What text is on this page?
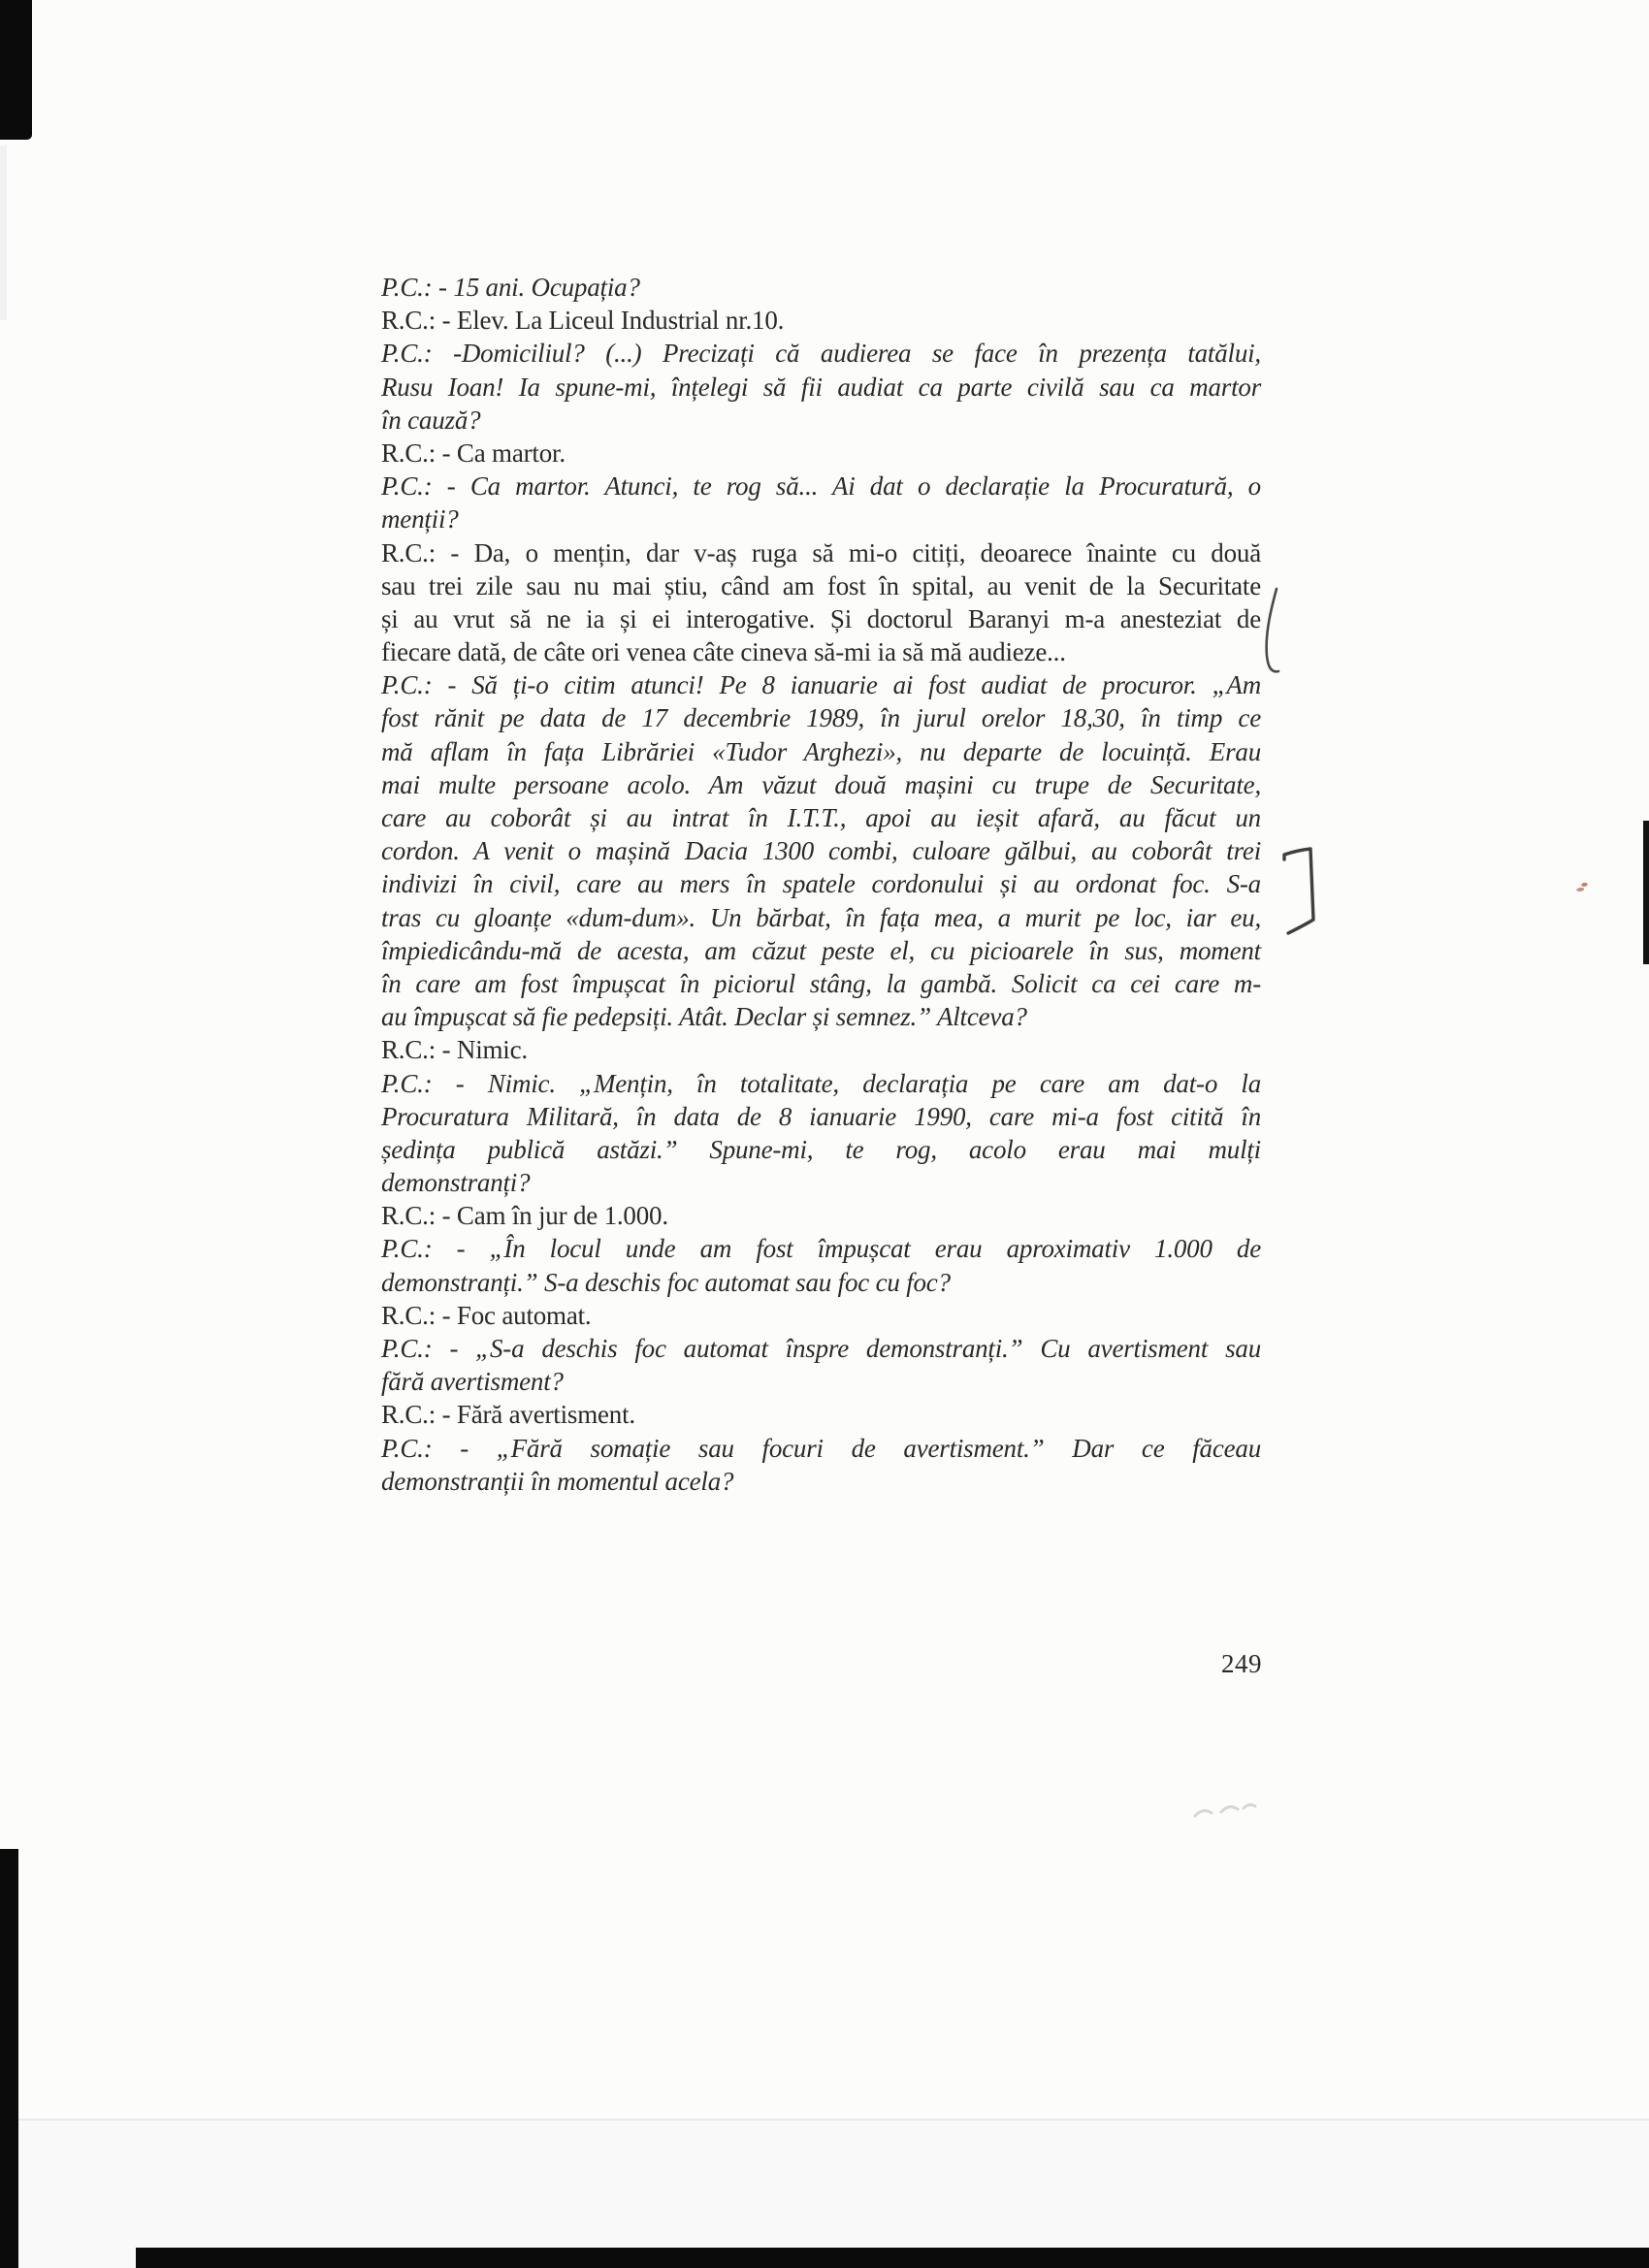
P.C.: - 15 ani. Ocupația?
R.C.: - Elev. La Liceul Industrial nr.10.
P.C.: -Domiciliul? (...) Precizați că audierea se face în prezența tatălui,
Rusu Ioan! Ia spune-mi, înțelegi să fii audiat ca parte civilă sau ca martor
în cauză?
R.C.: - Ca martor.
P.C.: - Ca martor. Atunci, te rog să... Ai dat o declarație la Procuratură, o
menții?
R.C.: - Da, o mențin, dar v-aș ruga să mi-o citiți, deoarece înainte cu două
sau trei zile sau nu mai știu, când am fost în spital, au venit de la Securitate
și au vrut să ne ia și ei interogative. Și doctorul Baranyi m-a anesteziat de
fiecare dată, de câte ori venea câte cineva să-mi ia să mă audieze...
P.C.: - Să ți-o citim atunci! Pe 8 ianuarie ai fost audiat de procuror. „Am
fost rănit pe data de 17 decembrie 1989, în jurul orelor 18,30, în timp ce
mă aflam în fața Librăriei «Tudor Arghezi», nu departe de locuință. Erau
mai multe persoane acolo. Am văzut două mașini cu trupe de Securitate,
care au coborât și au intrat în I.T.T., apoi au ieșit afară, au făcut un
cordon. A venit o mașină Dacia 1300 combi, culoare gălbui, au coborât trei
indivizi în civil, care au mers în spatele cordonului și au ordonat foc. S-a
tras cu gloanțe «dum-dum». Un bărbat, în fața mea, a murit pe loc, iar eu,
împiedicându-mă de acesta, am căzut peste el, cu picioarele în sus, moment
în care am fost împușcat în piciorul stâng, la gambă. Solicit ca cei care m-
au împușcat să fie pedepsiți. Atât. Declar și semnez.” Altceva?
R.C.: - Nimic.
P.C.: - Nimic. „Mențin, în totalitate, declarația pe care am dat-o la
Procuratura Militară, în data de 8 ianuarie 1990, care mi-a fost citită în
ședința publică astăzi.” Spune-mi, te rog, acolo erau mai mulți
demonstranți?
R.C.: - Cam în jur de 1.000.
P.C.: - „În locul unde am fost împușcat erau aproximativ 1.000 de
demonstranți.” S-a deschis foc automat sau foc cu foc?
R.C.: - Foc automat.
P.C.: - „S-a deschis foc automat înspre demonstranți.” Cu avertisment sau
fără avertisment?
R.C.: - Fără avertisment.
P.C.: - „Fără somație sau focuri de avertisment.” Dar ce făceau
demonstranții în momentul acela?
249
